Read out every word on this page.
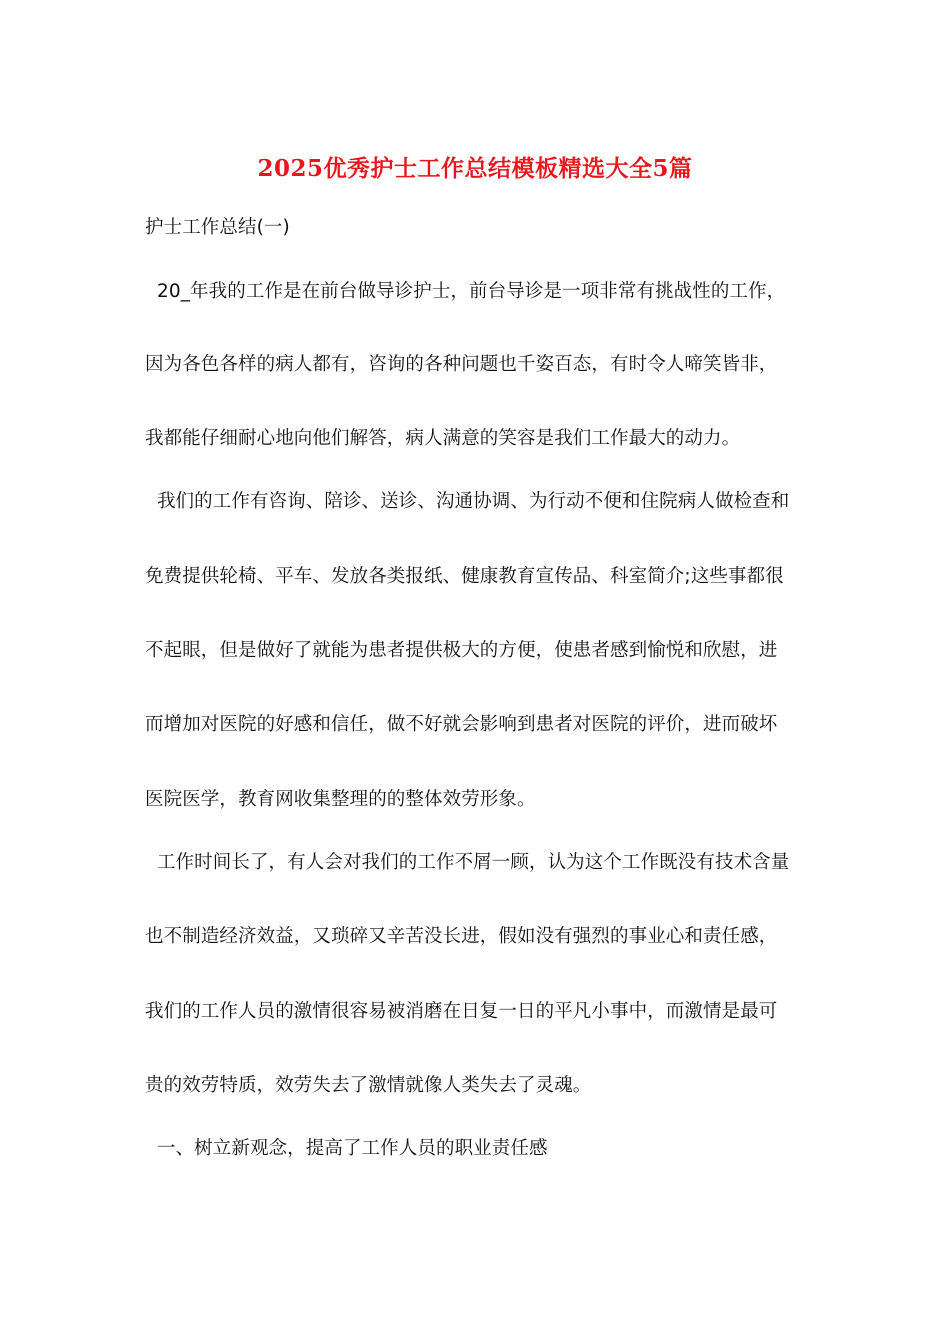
2025优秀护士工作总结模板精选大全5篇
护士工作总结(一)
20_年我的工作是在前台做导诊护士，前台导诊是一项非常有挑战性的工作，
因为各色各样的病人都有，咨询的各种问题也千姿百态，有时令人啼笑皆非，
我都能仔细耐心地向他们解答，病人满意的笑容是我们工作最大的动力。
我们的工作有咨询、陪诊、送诊、沟通协调、为行动不便和住院病人做检查和
免费提供轮椅、平车、发放各类报纸、健康教育宣传品、科室简介;这些事都很
不起眼，但是做好了就能为患者提供极大的方便，使患者感到愉悦和欣慰，进
而增加对医院的好感和信任，做不好就会影响到患者对医院的评价，进而破坏
医院医学，教育网收集整理的的整体效劳形象。
工作时间长了，有人会对我们的工作不屑一顾，认为这个工作既没有技术含量
也不制造经济效益，又琐碎又辛苦没长进，假如没有强烈的事业心和责任感，
我们的工作人员的激情很容易被消磨在日复一日的平凡小事中，而激情是最可
贵的效劳特质，效劳失去了激情就像人类失去了灵魂。
一、树立新观念，提高了工作人员的职业责任感
